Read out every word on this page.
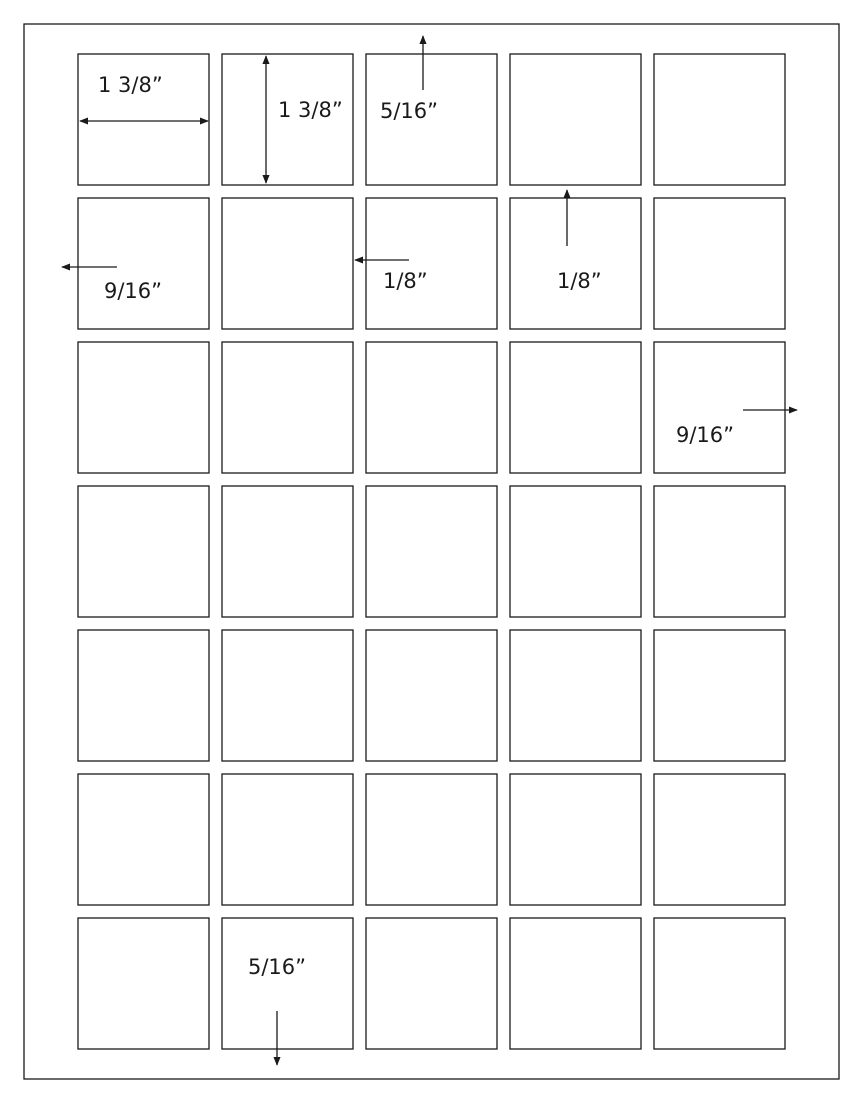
1 3/8”
1 3/8” 5/16”
9/16”	1/8”	1/8”
9/16”
5/16”
